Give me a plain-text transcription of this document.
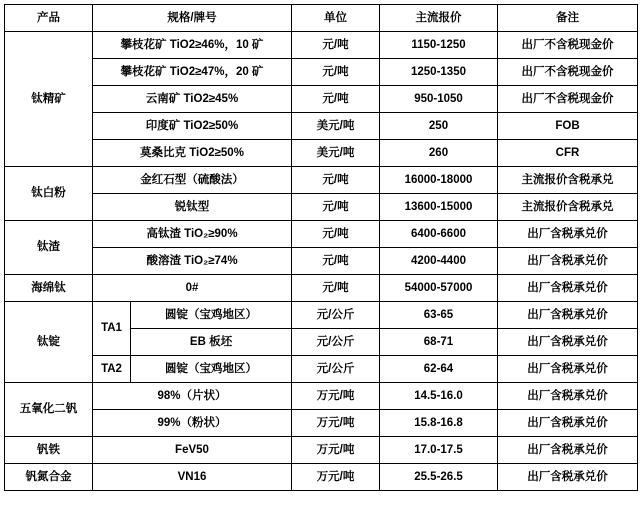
产品	规格/牌号		单位	主流报价	备注
钛精矿	攀枝花矿 TiO2≥46%，10 矿		元/吨	1150-1250	出厂不含税现金价
	攀枝花矿 TiO2≥47%，20 矿		元/吨	1250-1350	出厂不含税现金价
	云南矿 TiO2≥45%		元/吨	950-1050	出厂不含税现金价
	印度矿 TiO2≥50%		美元/吨	250	FOB
	莫桑比克 TiO2≥50%		美元/吨	260	CFR
钛白粉	金红石型（硫酸法）		元/吨	16000-18000	主流报价含税承兑
	锐钛型		元/吨	13600-15000	主流报价含税承兑
钛渣	高钛渣 TiO₂≥90%		元/吨	6400-6600	出厂含税承兑价
	酸溶渣 TiO₂≥74%		元/吨	4200-4400	出厂含税承兑价
海绵钛	0#		元/吨	54000-57000	出厂含税承兑价
钛锭	TA1	圆锭（宝鸡地区）	元/公斤	63-65	出厂含税承兑价
		EB 板坯	元/公斤	68-71	出厂含税承兑价
	TA2	圆锭（宝鸡地区）	元/公斤	62-64	出厂含税承兑价
五氧化二钒	98%（片状）		万元/吨	14.5-16.0	出厂含税承兑价
	99%（粉状）		万元/吨	15.8-16.8	出厂含税承兑价
钒铁	FeV50		万元/吨	17.0-17.5	出厂含税承兑价
钒氮合金	VN16		万元/吨	25.5-26.5	出厂含税承兑价
